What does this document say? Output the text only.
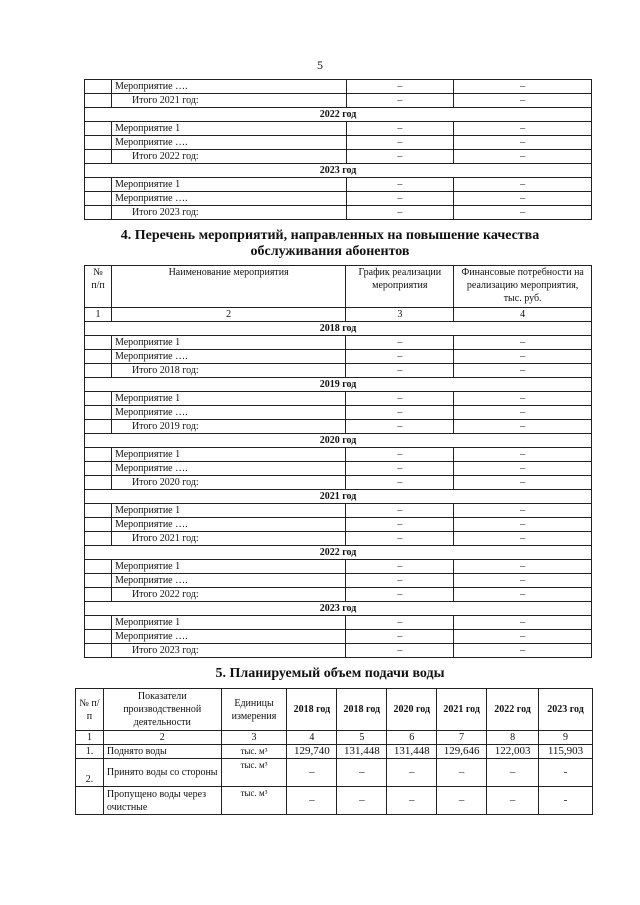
5
	Мероприятие ….	–	–
	Итого 2021 год:	–	–
2022 год			
	Мероприятие 1	–	–
	Мероприятие ….	–	–
	Итого 2022 год:	–	–
2023 год			
	Мероприятие 1	–	–
	Мероприятие ….	–	–
	Итого 2023 год:	–	–
4. Перечень мероприятий, направленных на повышение качества
обслуживания абонентов
№ п/п	Наименование мероприятия	График реализации мероприятия	Финансовые потребности на реализацию мероприятия, тыс. руб.
1	2	3	4
2018 год			
	Мероприятие 1	–	–
	Мероприятие ….	–	–
	Итого 2018 год:	–	–
2019 год			
	Мероприятие 1	–	–
	Мероприятие ….	–	–
	Итого 2019 год:	–	–
2020 год			
	Мероприятие 1	–	–
	Мероприятие ….	–	–
	Итого 2020 год:	–	–
2021 год			
	Мероприятие 1	–	–
	Мероприятие ….	–	–
	Итого 2021 год:	–	–
2022 год			
	Мероприятие 1	–	–
	Мероприятие ….	–	–
	Итого 2022 год:	–	–
2023 год			
	Мероприятие 1	–	–
	Мероприятие ….	–	–
	Итого 2023 год:	–	–
5. Планируемый объем подачи воды
№ п/п	Показатели производственной деятельности	Единицы измерения	2018 год	2018 год	2020 год	2021 год	2022 год	2023 год
1	2	3	4	5	6	7	8	9
1.	Поднято воды	тыс. м³	129,740	131,448	131,448	129,646	122,003	115,903
2.	Принято воды со стороны	тыс. м³	–	–	–	–	–	-
	Пропущено воды через очистные	тыс. м³	–	–	–	–	–	-
